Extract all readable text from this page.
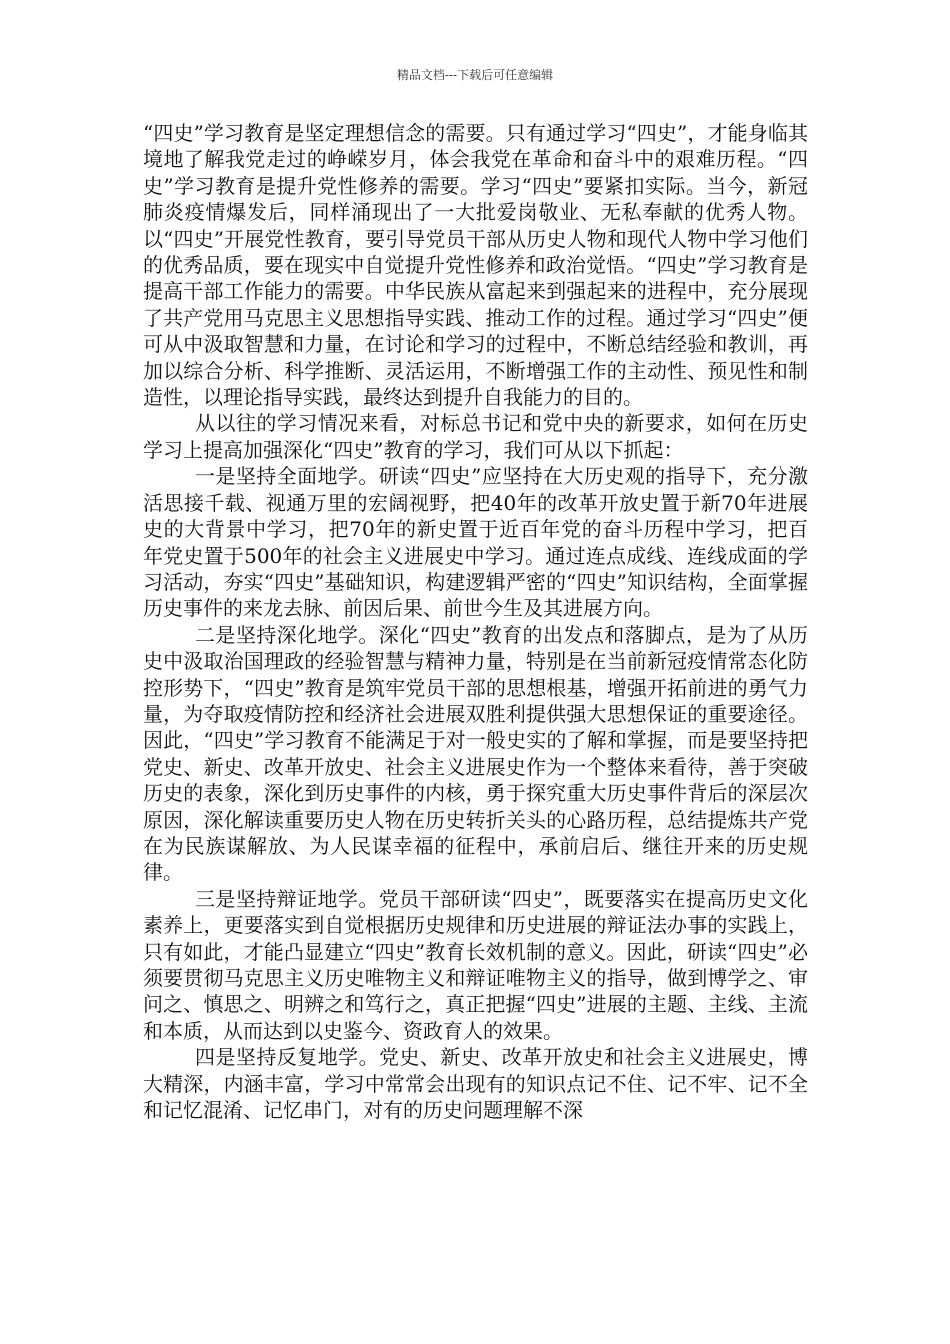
精品文档---下载后可任意编辑

“四史”学习教育是坚定理想信念的需要。只有通过学习“四史”，才能身临其境地了解我党走过的峥嵘岁月，体会我党在革命和奋斗中的艰难历程。“四史”学习教育是提升党性修养的需要。学习“四史”要紧扣实际。当今，新冠肺炎疫情爆发后，同样涌现出了一大批爱岗敬业、无私奉献的优秀人物。以“四史”开展党性教育，要引导党员干部从历史人物和现代人物中学习他们的优秀品质，要在现实中自觉提升党性修养和政治觉悟。“四史”学习教育是提高干部工作能力的需要。中华民族从富起来到强起来的进程中，充分展现了共产党用马克思主义思想指导实践、推动工作的过程。通过学习“四史”便可从中汲取智慧和力量，在讨论和学习的过程中，不断总结经验和教训，再加以综合分析、科学推断、灵活运用，不断增强工作的主动性、预见性和制造性，以理论指导实践，最终达到提升自我能力的目的。

从以往的学习情况来看，对标总书记和党中央的新要求，如何在历史学习上提高加强深化“四史”教育的学习，我们可从以下抓起：

一是坚持全面地学。研读“四史”应坚持在大历史观的指导下，充分激活思接千载、视通万里的宏阔视野，把40年的改革开放史置于新70年进展史的大背景中学习，把70年的新史置于近百年党的奋斗历程中学习，把百年党史置于500年的社会主义进展史中学习。通过连点成线、连线成面的学习活动，夯实“四史”基础知识，构建逻辑严密的“四史”知识结构，全面掌握历史事件的来龙去脉、前因后果、前世今生及其进展方向。

二是坚持深化地学。深化“四史”教育的出发点和落脚点，是为了从历史中汲取治国理政的经验智慧与精神力量，特别是在当前新冠疫情常态化防控形势下，“四史”教育是筑牢党员干部的思想根基，增强开拓前进的勇气力量，为夺取疫情防控和经济社会进展双胜利提供强大思想保证的重要途径。因此，“四史”学习教育不能满足于对一般史实的了解和掌握，而是要坚持把党史、新史、改革开放史、社会主义进展史作为一个整体来看待，善于突破历史的表象，深化到历史事件的内核，勇于探究重大历史事件背后的深层次原因，深化解读重要历史人物在历史转折关头的心路历程，总结提炼共产党在为民族谋解放、为人民谋幸福的征程中，承前启后、继往开来的历史规律。

三是坚持辩证地学。党员干部研读“四史”，既要落实在提高历史文化素养上，更要落实到自觉根据历史规律和历史进展的辩证法办事的实践上，只有如此，才能凸显建立“四史”教育长效机制的意义。因此，研读“四史”必须要贯彻马克思主义历史唯物主义和辩证唯物主义的指导，做到博学之、审问之、慎思之、明辨之和笃行之，真正把握“四史”进展的主题、主线、主流和本质，从而达到以史鉴今、资政育人的效果。

四是坚持反复地学。党史、新史、改革开放史和社会主义进展史，博大精深，内涵丰富，学习中常常会出现有的知识点记不住、记不牢、记不全和记忆混淆、记忆串门，对有的历史问题理解不深
